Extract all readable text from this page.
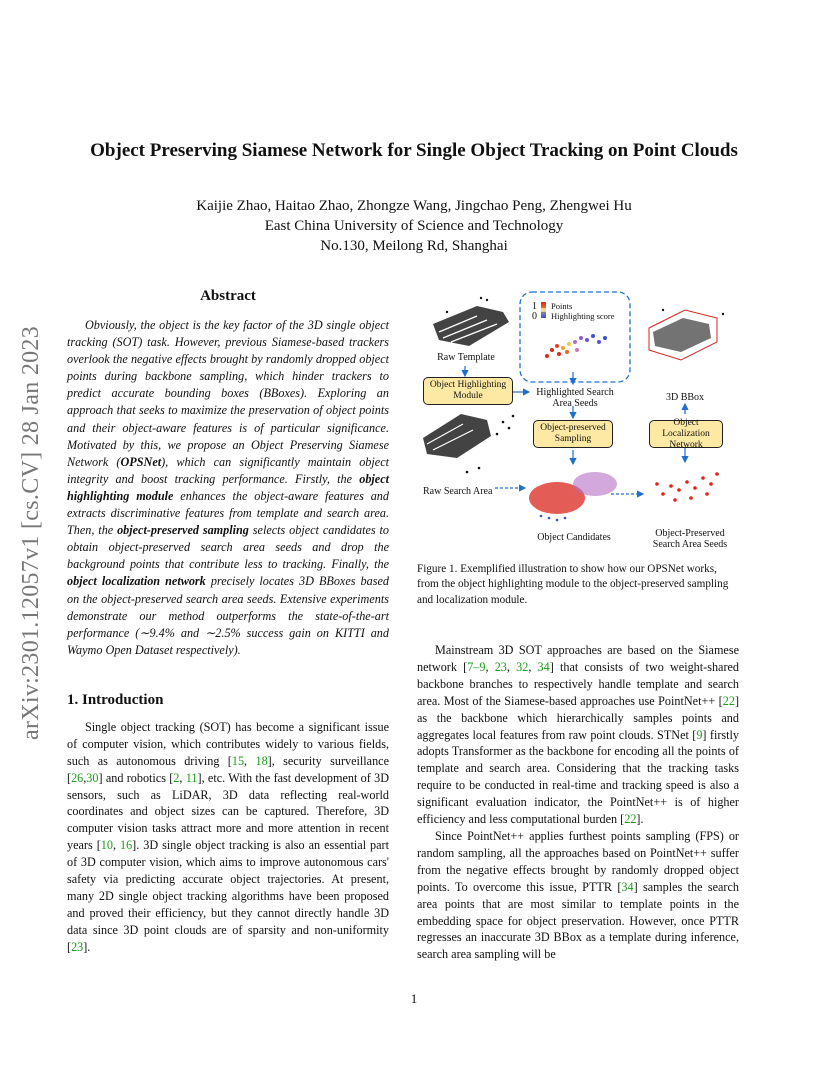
arXiv:2301.12057v1 [cs.CV] 28 Jan 2023
Object Preserving Siamese Network for Single Object Tracking on Point Clouds
Kaijie Zhao, Haitao Zhao, Zhongze Wang, Jingchao Peng, Zhengwei Hu
East China University of Science and Technology
No.130, Meilong Rd, Shanghai
Abstract

Obviously, the object is the key factor of the 3D single object tracking (SOT) task. However, previous Siamese-based trackers overlook the negative effects brought by randomly dropped object points during backbone sampling, which hinder trackers to predict accurate bounding boxes (BBoxes). Exploring an approach that seeks to maximize the preservation of object points and their object-aware features is of particular significance. Motivated by this, we propose an Object Preserving Siamese Network (OPSNet), which can significantly maintain object integrity and boost tracking performance. Firstly, the object highlighting module enhances the object-aware features and extracts discriminative features from template and search area. Then, the object-preserved sampling selects object candidates to obtain object-preserved search area seeds and drop the background points that contribute less to tracking. Finally, the object localization network precisely locates 3D BBoxes based on the object-preserved search area seeds. Extensive experiments demonstrate our method outperforms the state-of-the-art performance (∼9.4% and ∼2.5% success gain on KITTI and Waymo Open Dataset respectively).

1. Introduction

Single object tracking (SOT) has become a significant issue of computer vision, which contributes widely to various fields, such as autonomous driving [15, 18], security surveillance [26,30] and robotics [2, 11], etc. With the fast development of 3D sensors, such as LiDAR, 3D data reflecting real-world coordinates and object sizes can be captured. Therefore, 3D computer vision tasks attract more and more attention in recent years [10, 16]. 3D single object tracking is also an essential part of 3D computer vision, which aims to improve autonomous cars' safety via predicting accurate object trajectories. At present, many 2D single object tracking algorithms have been proposed and proved their efficiency, but they cannot directly handle 3D data since 3D point clouds are of sparsity and non-uniformity [23].

1
0
Points
Highlighting score
Raw Template
Object Highlighting Module	Highlighted Search Area Seeds
3D BBox
Object-preserved Sampling
Object Localization Network
Raw Search Area
Object Candidates	Object-Preserved Search Area Seeds

Figure 1. Exemplified illustration to show how our OPSNet works, from the object highlighting module to the object-preserved sampling and localization module.

Mainstream 3D SOT approaches are based on the Siamese network [7–9, 23, 32, 34] that consists of two weight-shared backbone branches to respectively handle template and search area. Most of the Siamese-based approaches use PointNet++ [22] as the backbone which hierarchically samples points and aggregates local features from raw point clouds. STNet [9] firstly adopts Transformer as the backbone for encoding all the points of template and search area. Considering that the tracking tasks require to be conducted in real-time and tracking speed is also a significant evaluation indicator, the PointNet++ is of higher efficiency and less computational burden [22].

Since PointNet++ applies furthest points sampling (FPS) or random sampling, all the approaches based on PointNet++ suffer from the negative effects brought by randomly dropped object points. To overcome this issue, PTTR [34] samples the search area points that are most similar to template points in the embedding space for object preservation. However, once PTTR regresses an inaccurate 3D BBox as a template during inference, search area sampling will be

1
